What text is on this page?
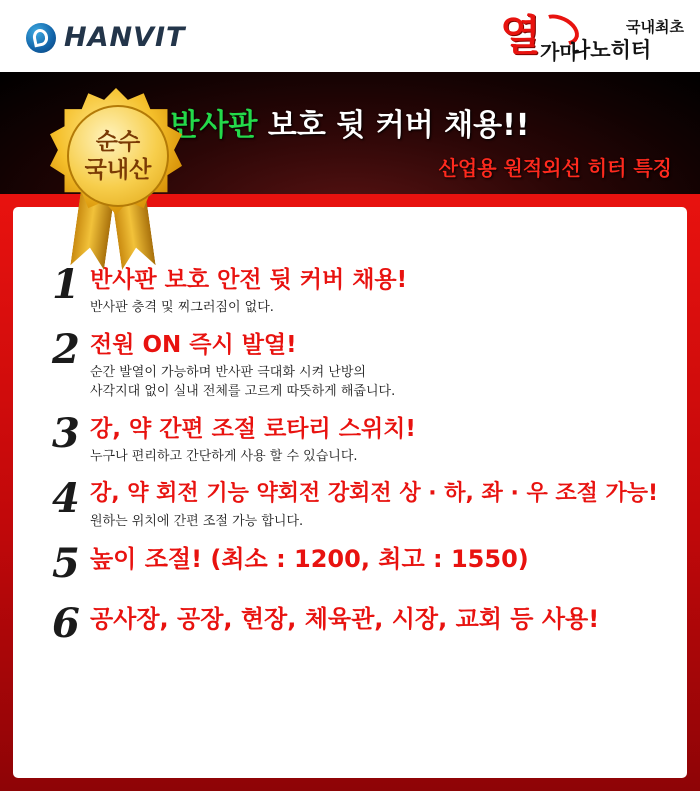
HANVIT	열 가마
나노히터
국내최초
반사판 보호 뒷 커버 채용!!
산업용 원적외선 히터 특징
순수
국내산
1 반사판 보호 안전 뒷 커버 채용!
반사판 충격 및 찌그러짐이 없다.
2 전원 ON 즉시 발열!
순간 발열이 가능하며 반사판 극대화 시켜 난방의
사각지대 없이 실내 전체를 고르게 따뜻하게 해줍니다.
3 강, 약 간편 조절 로타리 스위치!
누구나 편리하고 간단하게 사용 할 수 있습니다.
4 강, 약 회전 기능 약회전 강회전 상 · 하, 좌 · 우 조절 가능!
원하는 위치에 간편 조절 가능 합니다.
5 높이 조절! (최소 : 1200, 최고 : 1550)
6 공사장, 공장, 현장, 체육관, 시장, 교회 등 사용!
